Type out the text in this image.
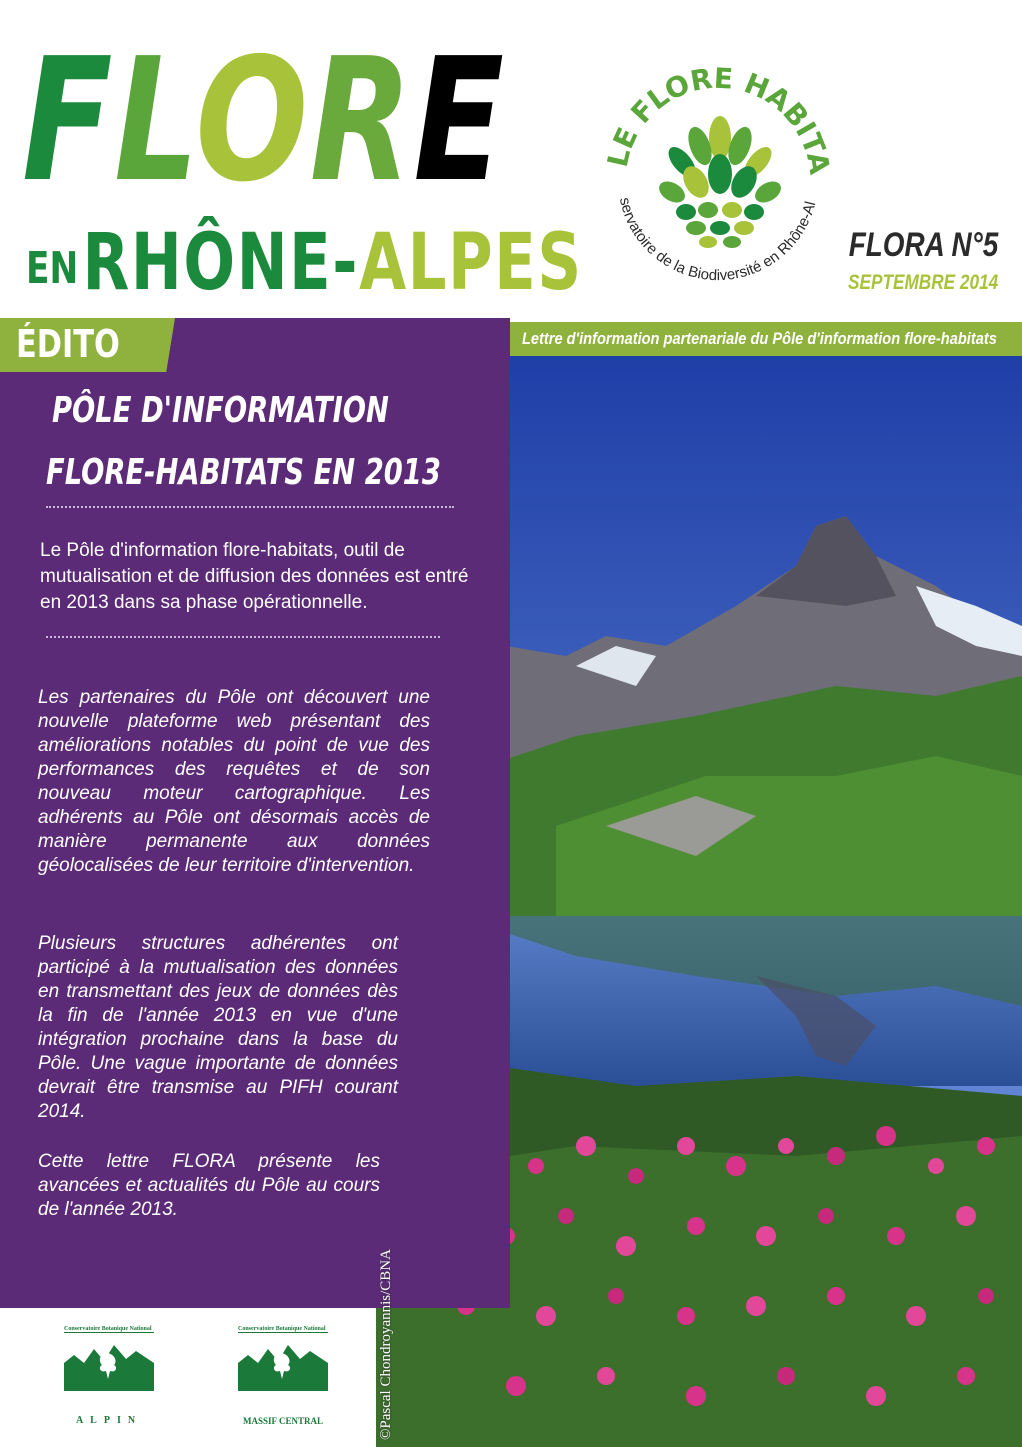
FLORE
EN RHÔNE-ALPES
LE FLORE HABITA
servatoire de la Biodiversité en Rhône-Al
FLORA N°5
SEPTEMBRE 2014
ÉDITO
PÔLE D'INFORMATION
FLORE-HABITATS EN 2013
Le Pôle d'information flore-habitats, outil de mutualisation et de diffusion des données est entré en 2013 dans sa phase opérationnelle.
Les partenaires du Pôle ont découvert une nouvelle plateforme web présentant des améliorations notables du point de vue des performances des requêtes et de son nouveau moteur cartographique. Les adhérents au Pôle ont désormais accès de manière permanente aux données géolocalisées de leur territoire d'intervention.
Plusieurs structures adhérentes ont participé à la mutualisation des données en transmettant des jeux de données dès la fin de l'année 2013 en vue d'une intégration prochaine dans la base du Pôle. Une vague importante de données devrait être transmise au PIFH courant 2014.
Cette lettre FLORA présente les avancées et actualités du Pôle au cours de l'année 2013.
Lettre d'information partenariale du Pôle d'information flore-habitats
©Pascal Chondroyannis/CBNA
Conservatoire Botanique National
ALPIN
Conservatoire Botanique National
MASSIF CENTRAL
